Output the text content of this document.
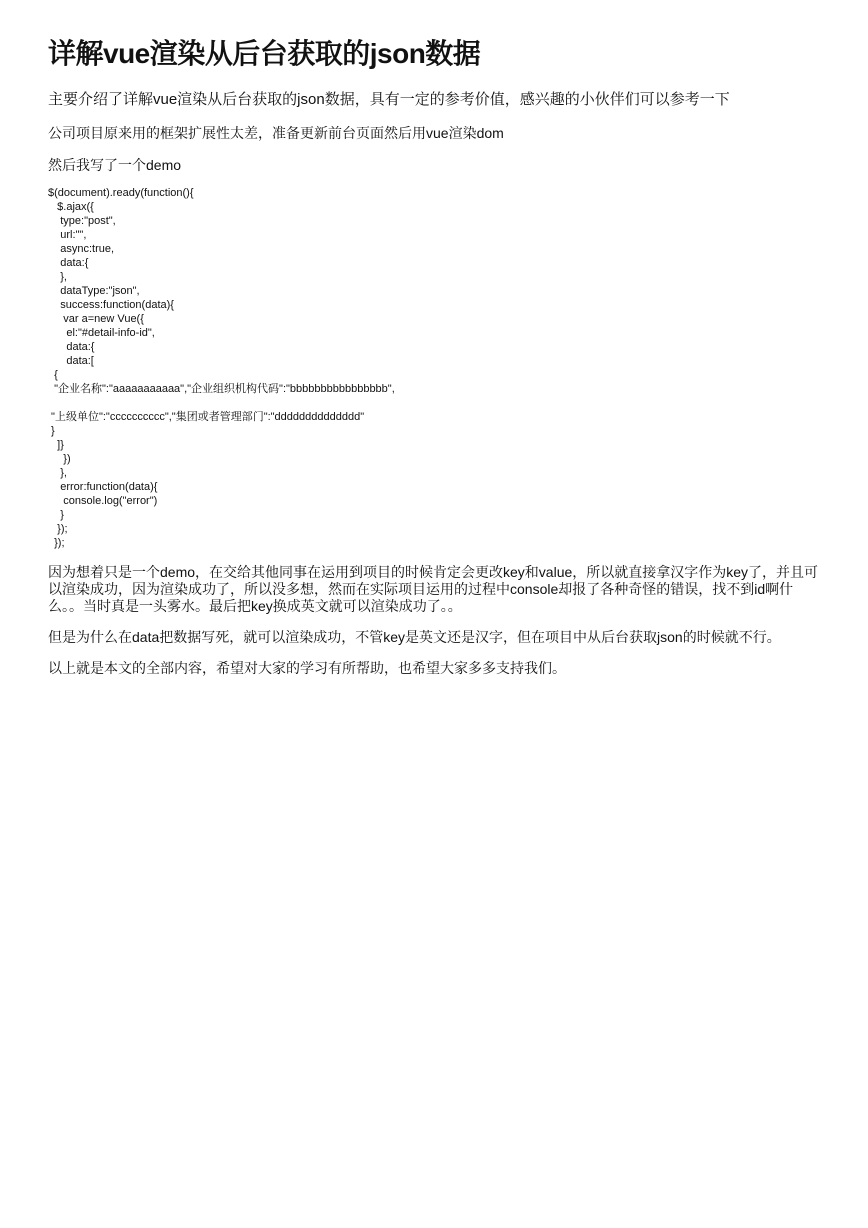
详解vue渲染从后台获取的json数据

主要介绍了详解vue渲染从后台获取的json数据，具有一定的参考价值，感兴趣的小伙伴们可以参考一下

公司项目原来用的框架扩展性太差，准备更新前台页面然后用vue渲染dom

然后我写了一个demo

$(document).ready(function(){
$.ajax({
type:"post",
url:"",
async:true,
data:{
},
dataType:"json",
success:function(data){
var a=new Vue({
el:"#detail-info-id",
data:{
data:[
{
"企业名称":"aaaaaaaaaaa","企业组织机构代码":"bbbbbbbbbbbbbbbb",
"上级单位":"cccccccccc","集团或者管理部门":"dddddddddddddd"
}
]}
})
},
error:function(data){
console.log("error")
}
});
});

因为想着只是一个demo，在交给其他同事在运用到项目的时候肯定会更改key和value，所以就直接拿汉字作为key了，并且可以渲染成功，因为渲染成功了，所以没多想，然而在实际项目运用的过程中console却报了各种奇怪的错误，找不到id啊什么。。当时真是一头雾水。最后把key换成英文就可以渲染成功了。。

但是为什么在data把数据写死，就可以渲染成功，不管key是英文还是汉字，但在项目中从后台获取json的时候就不行。

以上就是本文的全部内容，希望对大家的学习有所帮助，也希望大家多多支持我们。
